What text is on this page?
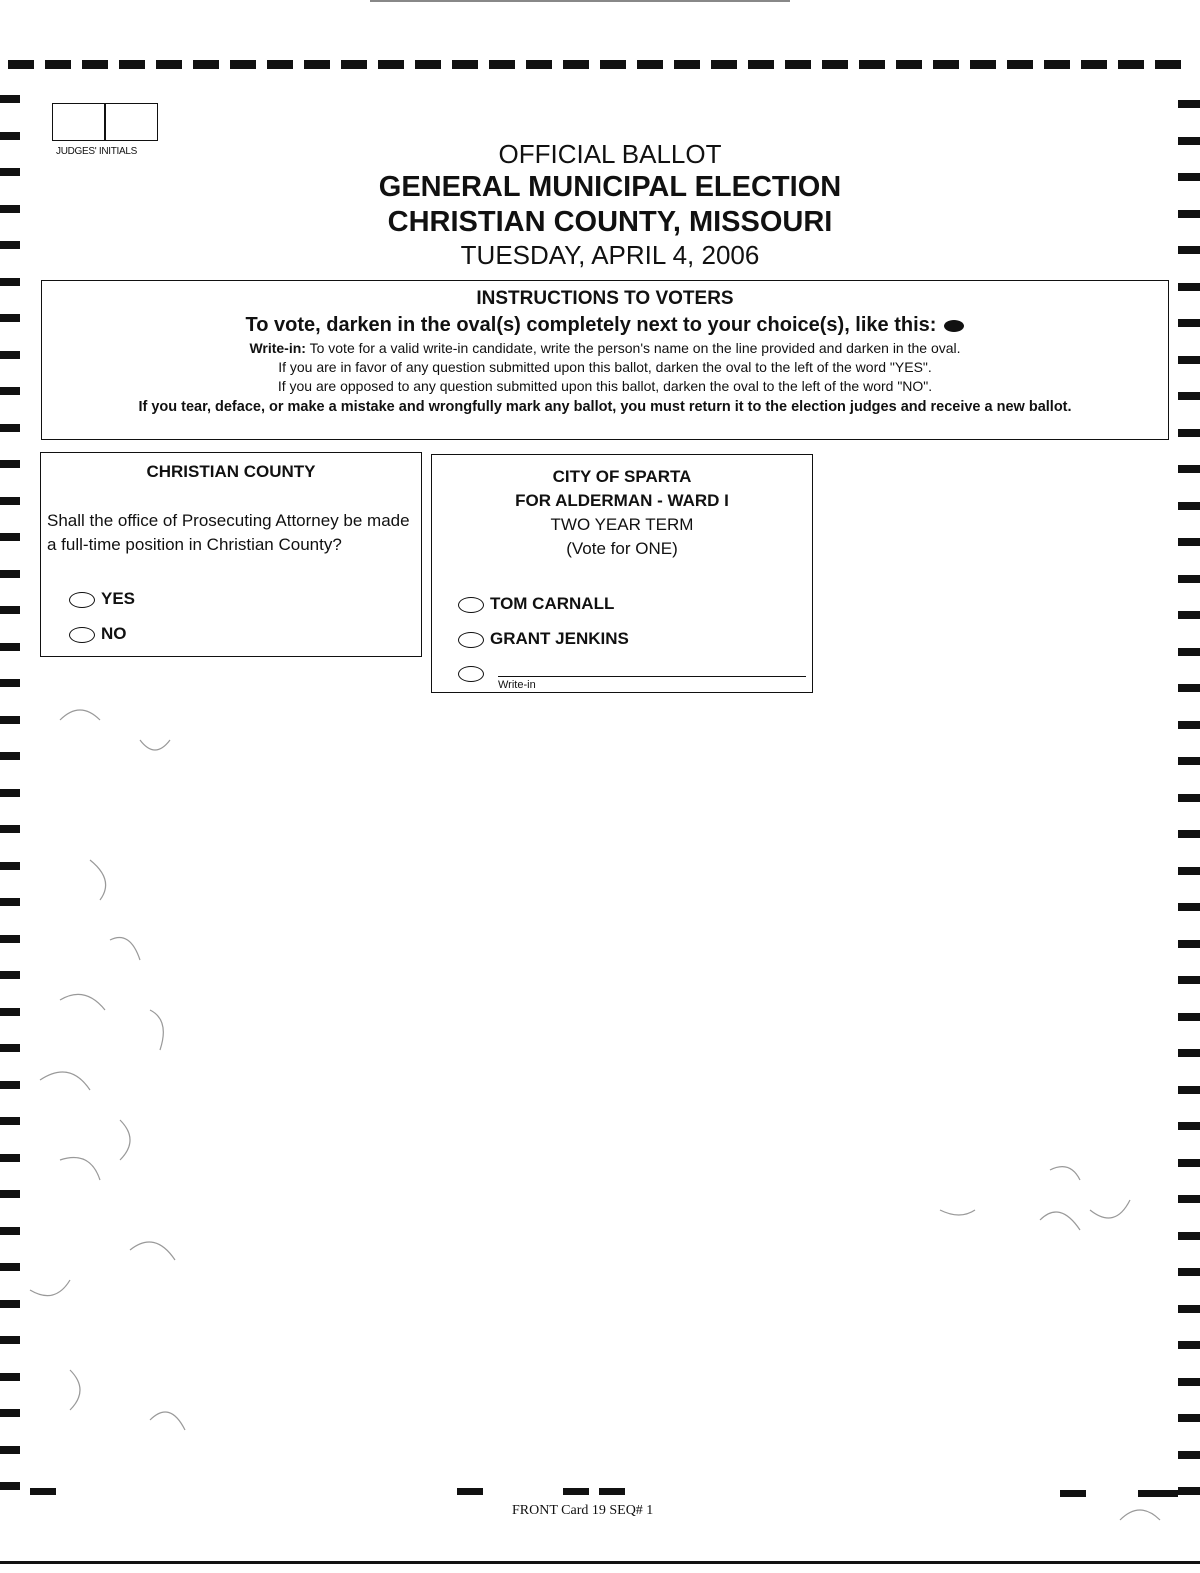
JUDGES' INITIALS	OFFICIAL BALLOT
GENERAL MUNICIPAL ELECTION
CHRISTIAN COUNTY, MISSOURI
TUESDAY, APRIL 4, 2006
INSTRUCTIONS TO VOTERS
To vote, darken in the oval(s) completely next to your choice(s), like this:
Write-in: To vote for a valid write-in candidate, write the person's name on the line provided and darken in the oval.
If you are in favor of any question submitted upon this ballot, darken the oval to the left of the word "YES".
If you are opposed to any question submitted upon this ballot, darken the oval to the left of the word "NO".
If you tear, deface, or make a mistake and wrongfully mark any ballot, you must return it to the election judges and receive a new ballot.
CHRISTIAN COUNTY
Shall the office of Prosecuting Attorney be made a full-time position in Christian County?
YES
NO
CITY OF SPARTA
FOR ALDERMAN - WARD I
TWO YEAR TERM
(Vote for ONE)
TOM CARNALL
GRANT JENKINS
Write-in
FRONT Card 19 SEQ# 1
